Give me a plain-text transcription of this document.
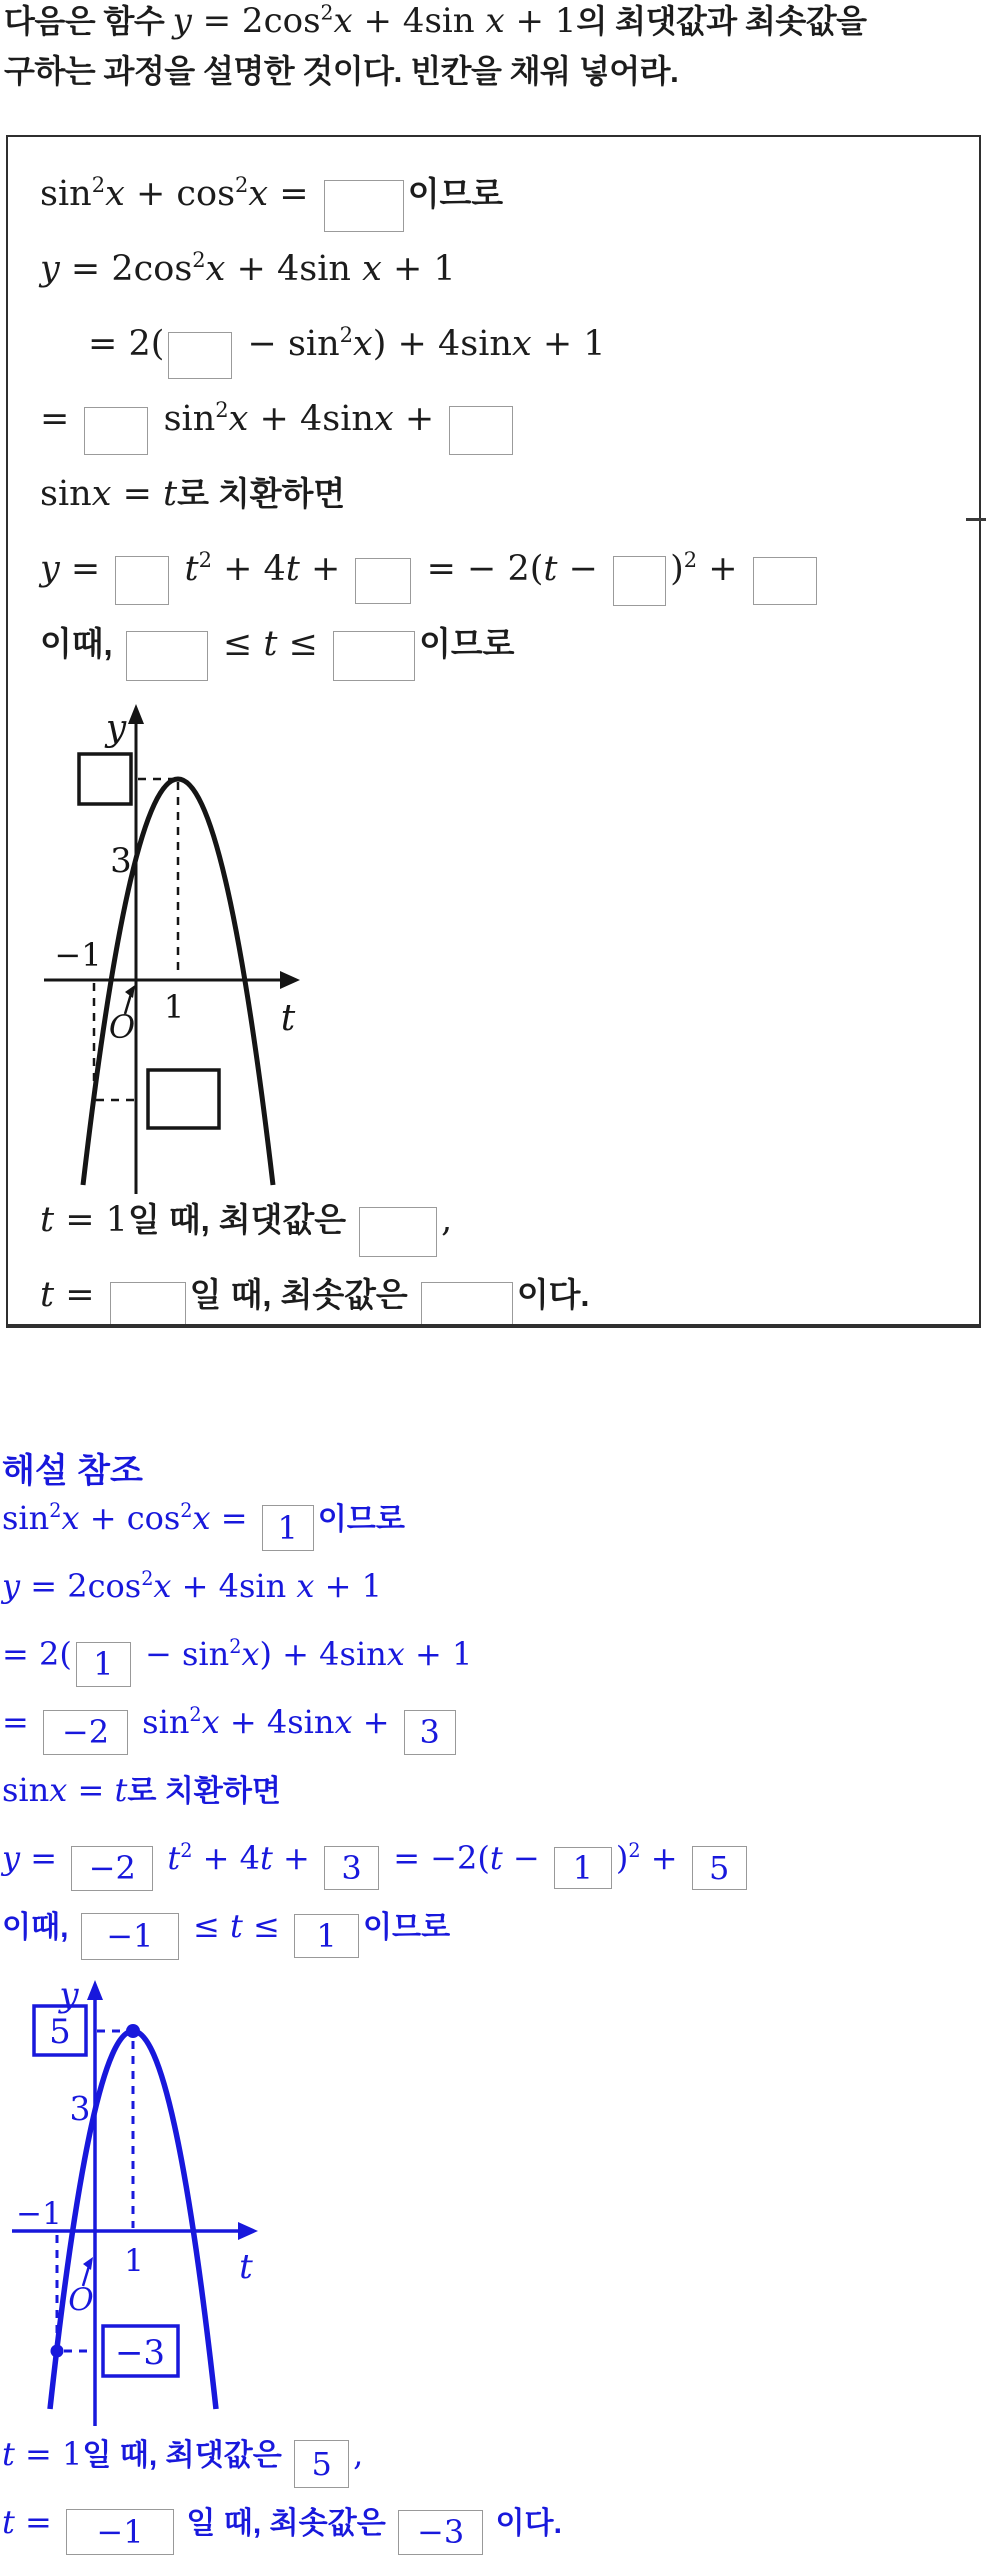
다음은 함수 y = 2 cos 2 x + 4 sin x + 1 의 최댓값과 최솟값을
구하는 과정을 설명한 것이다. 빈칸을 채워 넣어라.
sin 2 x + cos 2 x =	이므로
y = 2 cos 2 x + 4 sin x + 1
= 2( − sin 2 x ) + 4 sin x + 1
= sin 2 x + 4 sin x +
sin x = t 로 치환하면
y = t 2 + 4 t + = − 2( t − ) 2 +
이때,	≤ t ≤	이므로
y
3
−1
1	t
O
t = 1 일 때, 최댓값은 ,
t =	일 때, 최솟값은	이다.
해설 참조
sin 2 x + cos 2 x = 1 이므로
y = 2 cos 2 x + 4 sin x + 1
= 2( 1 − sin 2 x ) + 4 sin x + 1
= −2 sin 2 x + 4 sin x + 3
sin x = t 로 치환하면
y = −2 t 2 + 4 t + 3 = −2( t − 1 ) 2 + 5
이때, −1 ≤ t ≤ 1 이므로
5
−3
y
3
−1
1	t
O
t = 1 일 때, 최댓값은 5 ,
t =	−1	일 때, 최솟값은 −3 이다.
